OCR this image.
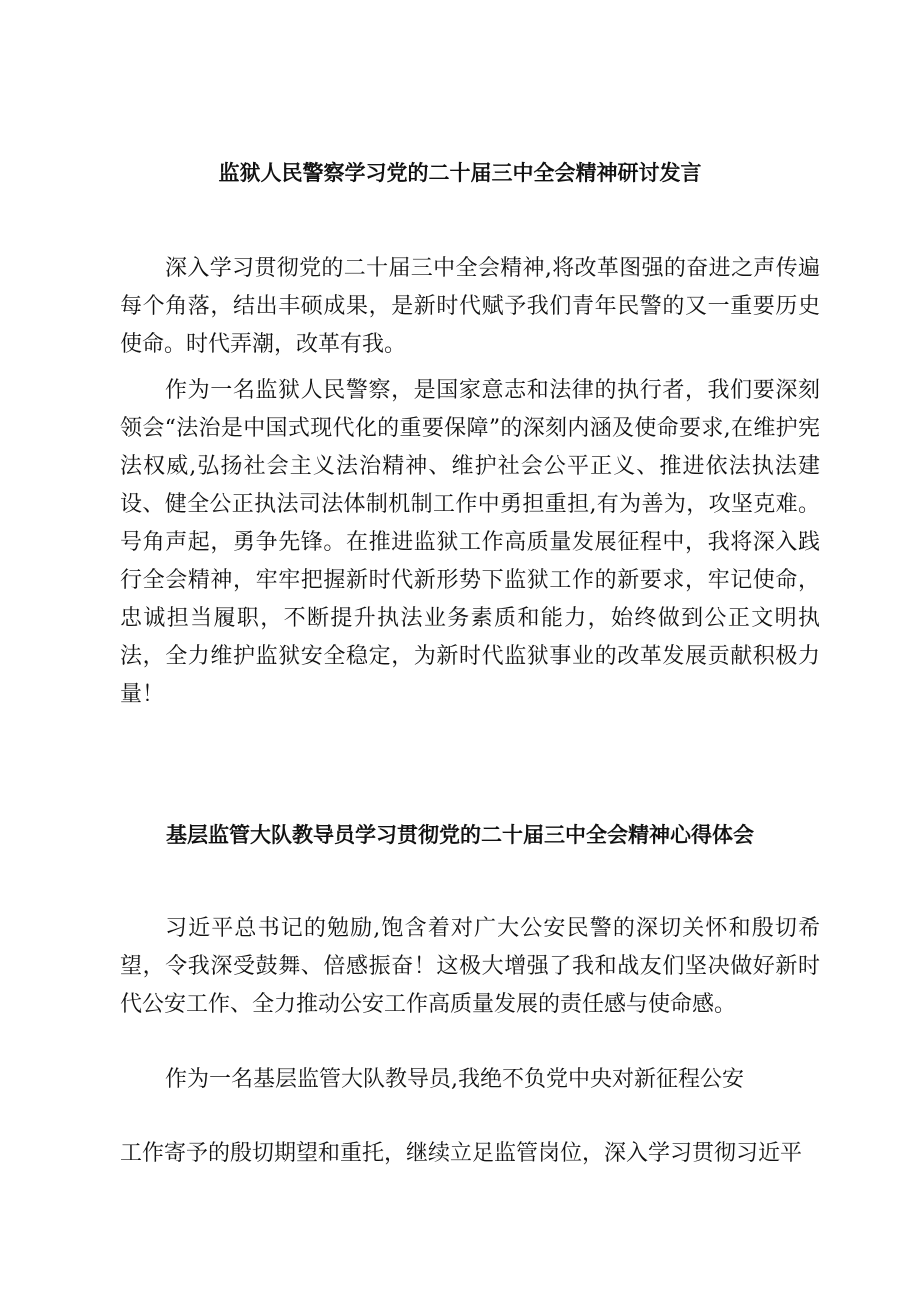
监狱人民警察学习党的二十届三中全会精神研讨发言

深入学习贯彻党的二十届三中全会精神,将改革图强的奋进之声传遍每个角落，结出丰硕成果，是新时代赋予我们青年民警的又一重要历史使命。时代弄潮，改革有我。

作为一名监狱人民警察，是国家意志和法律的执行者，我们要深刻领会“法治是中国式现代化的重要保障”的深刻内涵及使命要求,在维护宪法权威,弘扬社会主义法治精神、维护社会公平正义、推进依法执法建设、健全公正执法司法体制机制工作中勇担重担,有为善为，攻坚克难。号角声起，勇争先锋。在推进监狱工作高质量发展征程中，我将深入践行全会精神，牢牢把握新时代新形势下监狱工作的新要求，牢记使命，忠诚担当履职，不断提升执法业务素质和能力，始终做到公正文明执法，全力维护监狱安全稳定，为新时代监狱事业的改革发展贡献积极力量！

基层监管大队教导员学习贯彻党的二十届三中全会精神心得体会

习近平总书记的勉励,饱含着对广大公安民警的深切关怀和殷切希望，令我深受鼓舞、倍感振奋！这极大增强了我和战友们坚决做好新时代公安工作、全力推动公安工作高质量发展的责任感与使命感。

作为一名基层监管大队教导员,我绝不负党中央对新征程公安

工作寄予的殷切期望和重托，继续立足监管岗位，深入学习贯彻习近平
